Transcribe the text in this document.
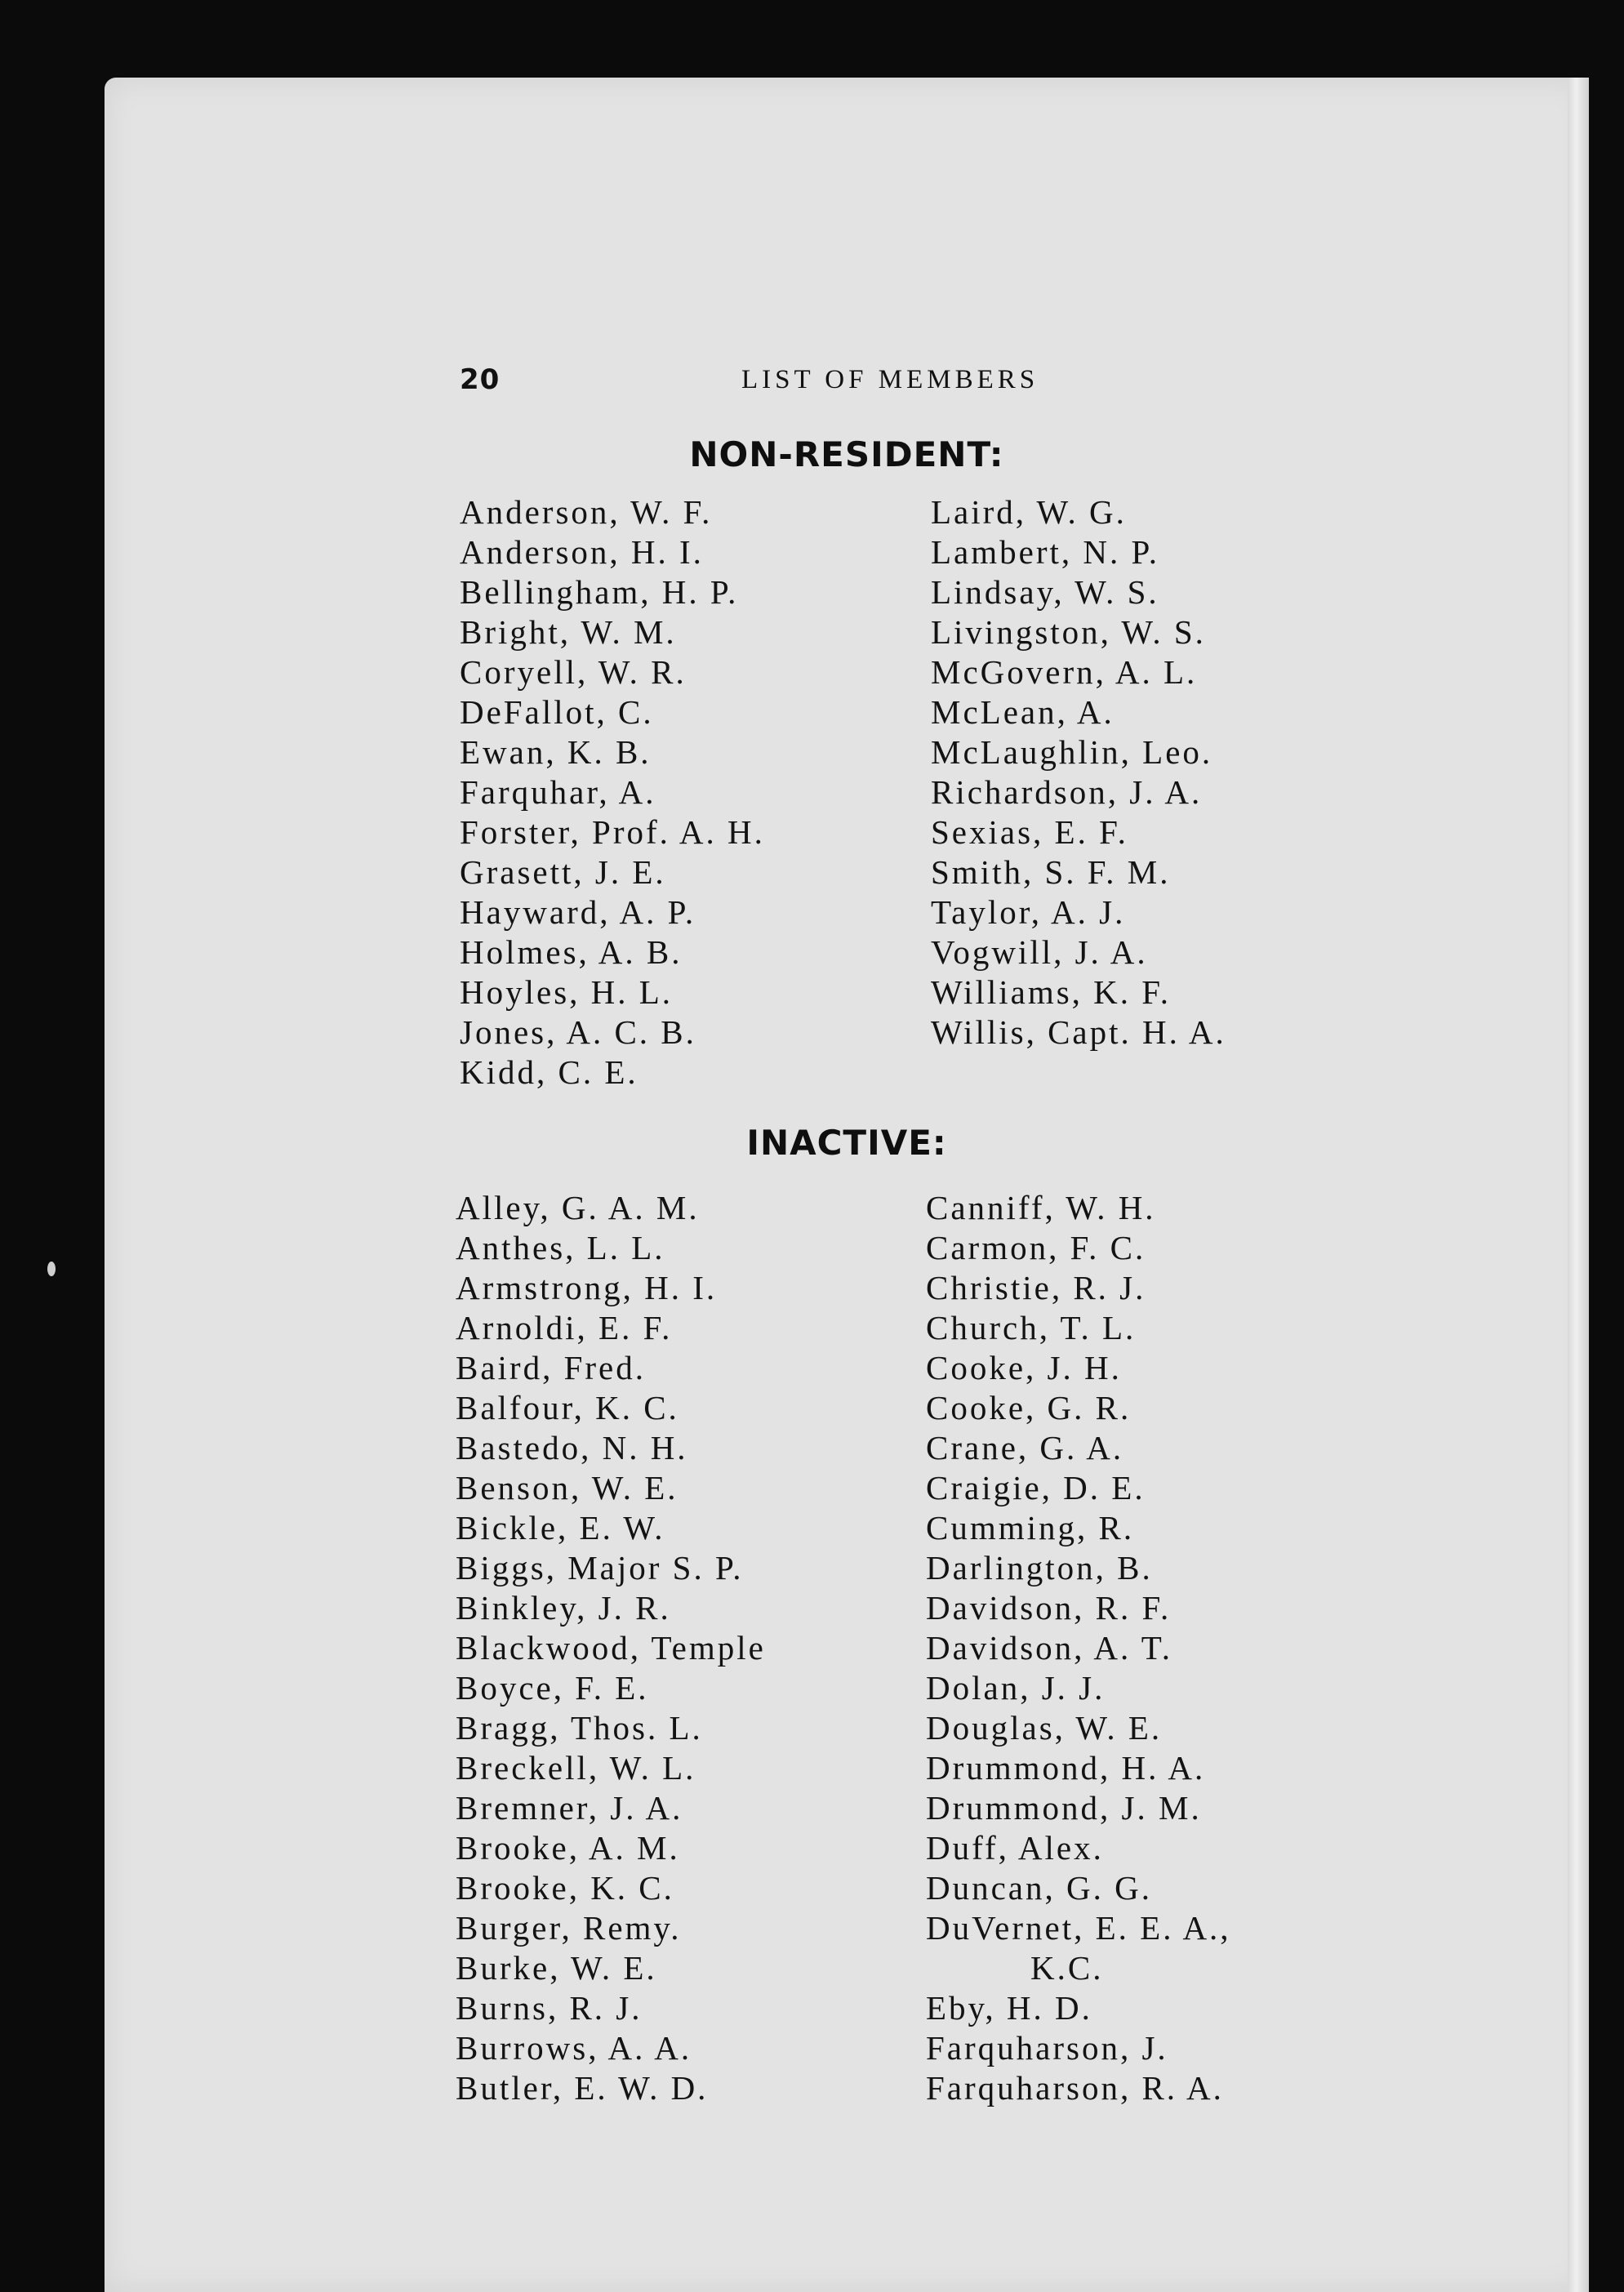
20	LIST OF MEMBERS
NON-RESIDENT:
Anderson, W. F.
Anderson, H. I.
Bellingham, H. P.
Bright, W. M.
Coryell, W. R.
DeFallot, C.
Ewan, K. B.
Farquhar, A.
Forster, Prof. A. H.
Grasett, J. E.
Hayward, A. P.
Holmes, A. B.
Hoyles, H. L.
Jones, A. C. B.
Kidd, C. E.
Laird, W. G.
Lambert, N. P.
Lindsay, W. S.
Livingston, W. S.
McGovern, A. L.
McLean, A.
McLaughlin, Leo.
Richardson, J. A.
Sexias, E. F.
Smith, S. F. M.
Taylor, A. J.
Vogwill, J. A.
Williams, K. F.
Willis, Capt. H. A.
INACTIVE:
Alley, G. A. M.
Anthes, L. L.
Armstrong, H. I.
Arnoldi, E. F.
Baird, Fred.
Balfour, K. C.
Bastedo, N. H.
Benson, W. E.
Bickle, E. W.
Biggs, Major S. P.
Binkley, J. R.
Blackwood, Temple
Boyce, F. E.
Bragg, Thos. L.
Breckell, W. L.
Bremner, J. A.
Brooke, A. M.
Brooke, K. C.
Burger, Remy.
Burke, W. E.
Burns, R. J.
Burrows, A. A.
Butler, E. W. D.
Canniff, W. H.
Carmon, F. C.
Christie, R. J.
Church, T. L.
Cooke, J. H.
Cooke, G. R.
Crane, G. A.
Craigie, D. E.
Cumming, R.
Darlington, B.
Davidson, R. F.
Davidson, A. T.
Dolan, J. J.
Douglas, W. E.
Drummond, H. A.
Drummond, J. M.
Duff, Alex.
Duncan, G. G.
DuVernet, E. E. A.,
K.C.
Eby, H. D.
Farquharson, J.
Farquharson, R. A.
